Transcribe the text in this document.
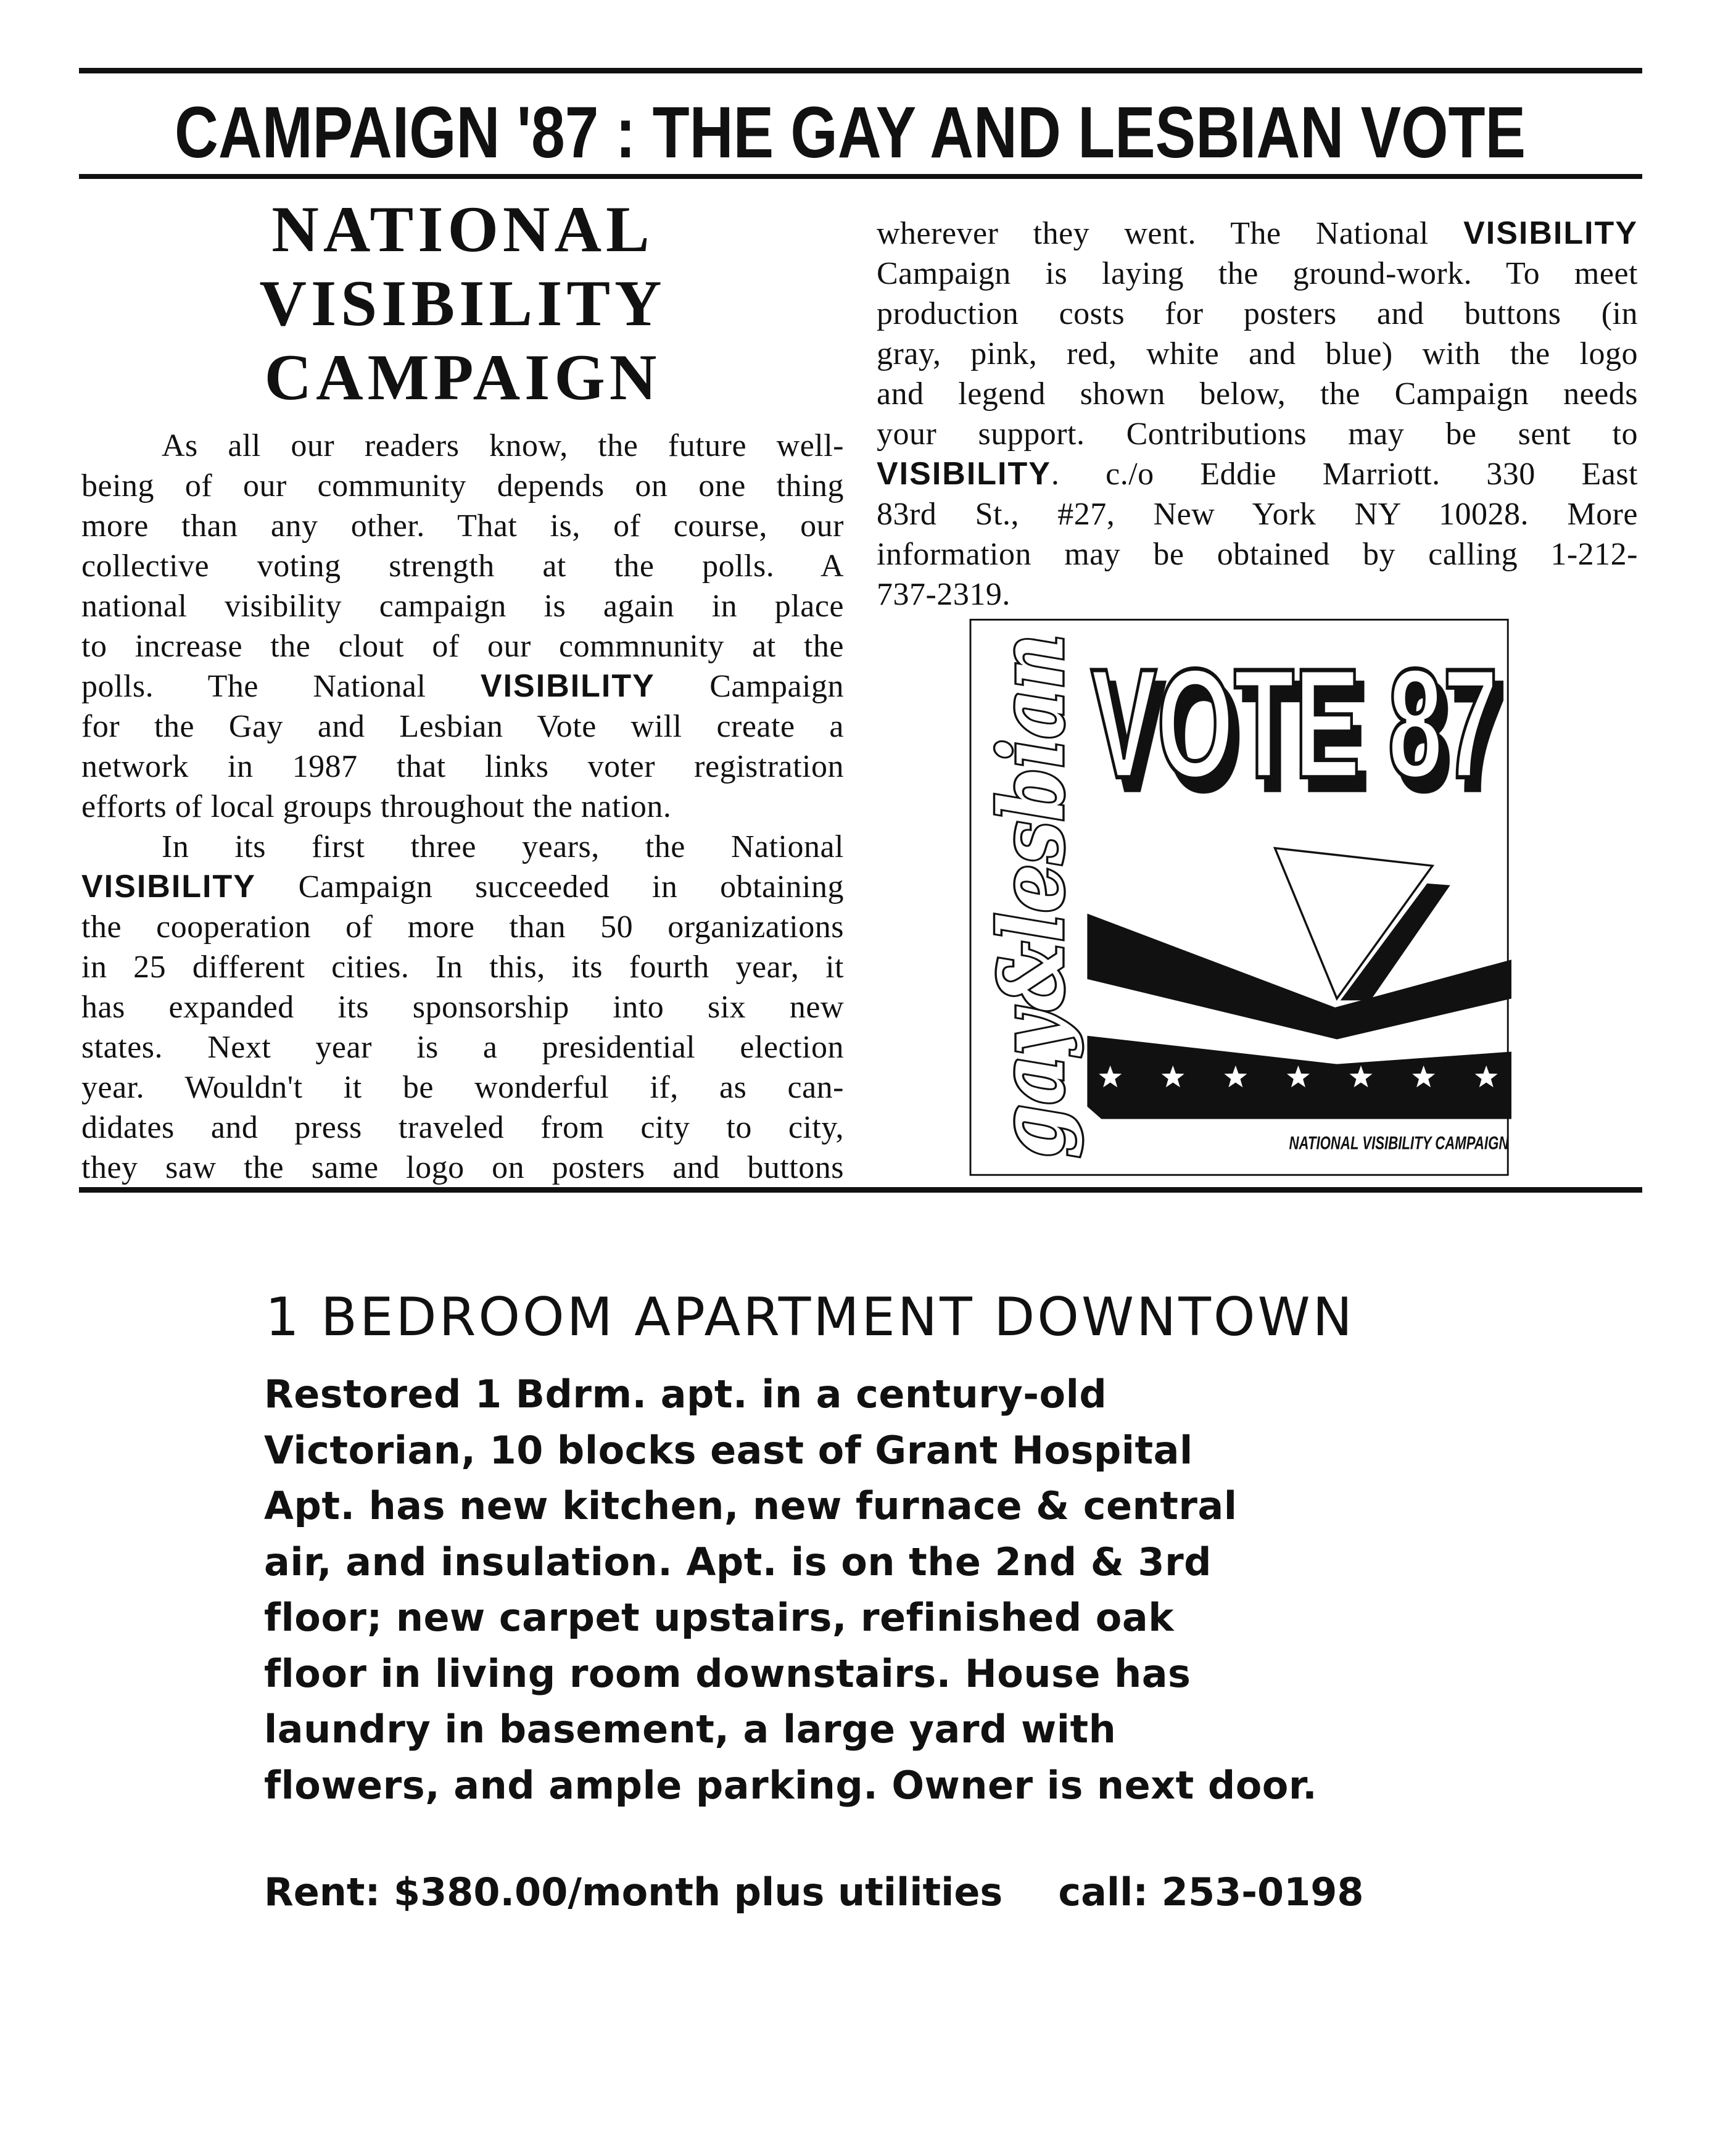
CAMPAIGN '87 : THE GAY AND LESBIAN VOTE
NATIONAL
VISIBILITY
CAMPAIGN
As all our readers know, the future well-
being of our community depends on one thing
more than any other. That is, of course, our
collective voting strength at the polls. A
national visibility campaign is again in place
to increase the clout of our commnunity at the
polls. The National VISIBILITY Campaign
for the Gay and Lesbian Vote will create a
network in 1987 that links voter registration
efforts of local groups throughout the nation.
In its first three years, the National
VISIBILITY Campaign succeeded in obtaining
the cooperation of more than 50 organizations
in 25 different cities. In this, its fourth year, it
has expanded its sponsorship into six new
states. Next year is a presidential election
year. Wouldn't it be wonderful if, as can-
didates and press traveled from city to city,
they saw the same logo on posters and buttons
wherever they went. The National VISIBILITY
Campaign is laying the ground-work. To meet
production costs for posters and buttons (in
gray, pink, red, white and blue) with the logo
and legend shown below, the Campaign needs
your support. Contributions may be sent to
VISIBILITY. c./o Eddie Marriott. 330 East
83rd St., #27, New York NY 10028. More
information may be obtained by calling 1-212-
737-2319.
gay&lesbian VOTE 87
NATIONAL VISIBILITY CAMPAIGN
1 BEDROOM APARTMENT DOWNTOWN
Restored 1 Bdrm. apt. in a century-old
Victorian, 10 blocks east of Grant Hospital
Apt. has new kitchen, new furnace & central
air, and insulation. Apt. is on the 2nd & 3rd
floor; new carpet upstairs, refinished oak
floor in living room downstairs. House has
laundry in basement, a large yard with
flowers, and ample parking. Owner is next door.
Rent: $380.00/month plus utilities call: 253-0198
